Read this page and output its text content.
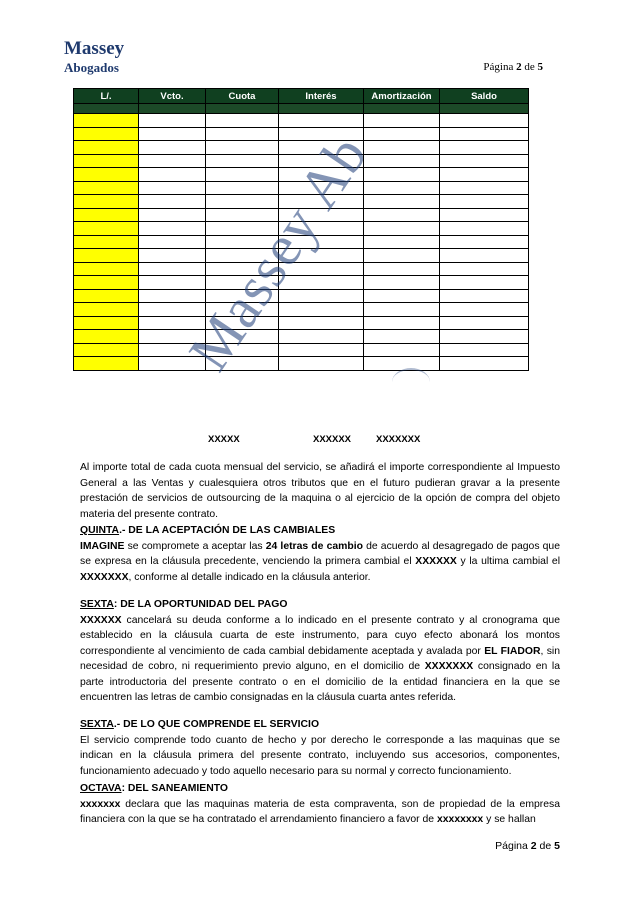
Massey
Abogados	Página 2 de 5
L/.	Vcto.	Cuota	Interés	Amortización	Saldo

XXXXX	XXXXXX	XXXXXXX

Al importe total de cada cuota mensual del servicio, se añadirá el importe correspondiente al Impuesto General a las Ventas y cualesquiera otros tributos que en el futuro pudieran gravar a la presente prestación de servicios de outsourcing de la maquina o al ejercicio de la opción de compra del objeto materia del presente contrato.

QUINTA.- DE LA ACEPTACIÓN DE LAS CAMBIALES

IMAGINE se compromete a aceptar las 24 letras de cambio de acuerdo al desagregado de pagos que se expresa en la cláusula precedente, venciendo la primera cambial el XXXXXX y la ultima cambial el XXXXXXX, conforme al detalle indicado en la cláusula anterior.

SEXTA: DE LA OPORTUNIDAD DEL PAGO

XXXXXX cancelará su deuda conforme a lo indicado en el presente contrato y al cronograma que establecido en la cláusula cuarta de este instrumento, para cuyo efecto abonará los montos correspondiente al vencimiento de cada cambial debidamente aceptada y avalada por EL FIADOR, sin necesidad de cobro, ni requerimiento previo alguno, en el domicilio de XXXXXXX consignado en la parte introductoria del presente contrato o en el domicilio de la entidad financiera en la que se encuentren las letras de cambio consignadas en la cláusula cuarta antes referida.

SEXTA.- DE LO QUE COMPRENDE EL SERVICIO

El servicio comprende todo cuanto de hecho y por derecho le corresponde a las maquinas que se indican en la cláusula primera del presente contrato, incluyendo sus accesorios, componentes, funcionamiento adecuado y todo aquello necesario para su normal y correcto funcionamiento.

OCTAVA: DEL SANEAMIENTO

xxxxxxx declara que las maquinas materia de esta compraventa, son de propiedad de la empresa financiera con la que se ha contratado el arrendamiento financiero a favor de xxxxxxxx y se hallan

Página 2 de 5
Massey Ab
